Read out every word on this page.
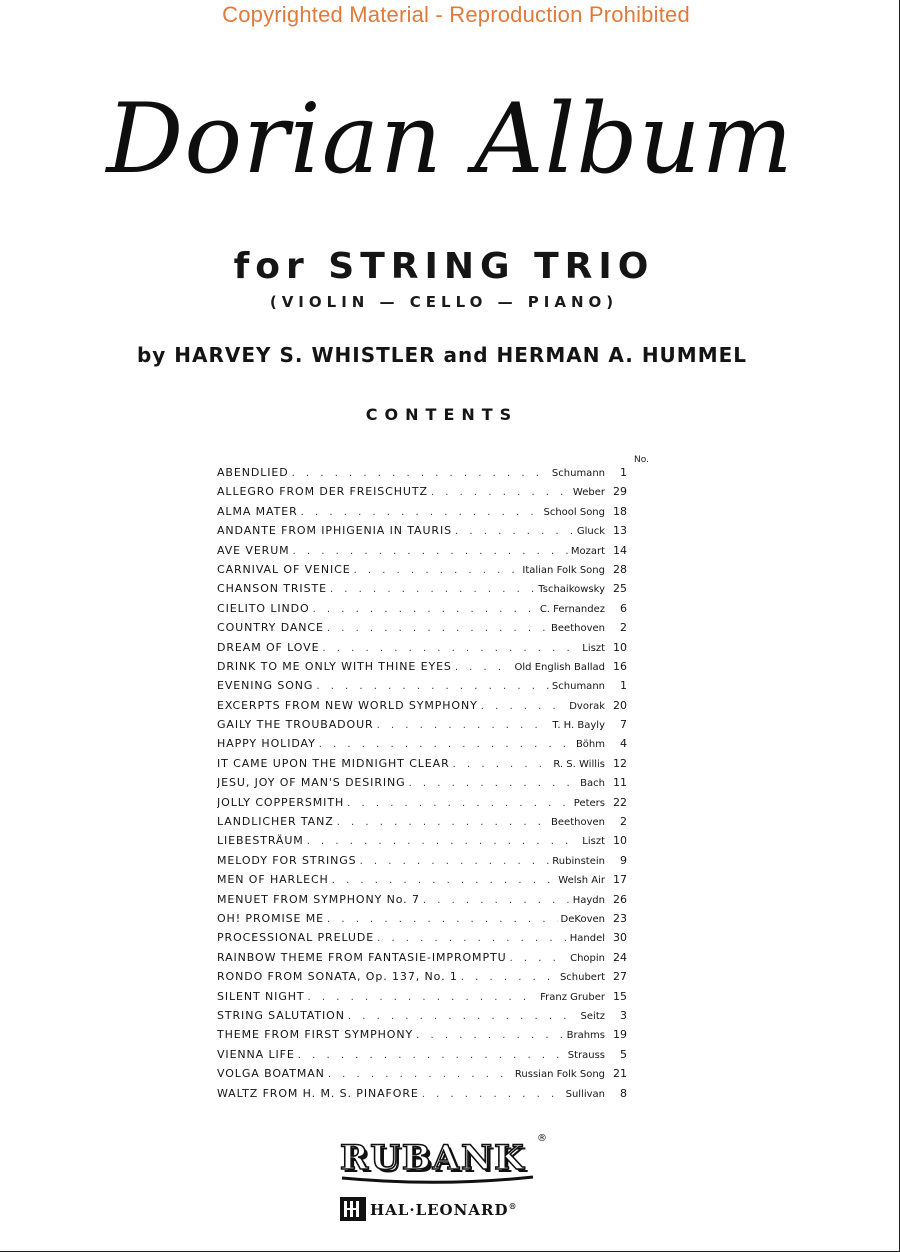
Copyrighted Material - Reproduction Prohibited
Dorian Album
for STRING TRIO
(VIOLIN — CELLO — PIANO)
by HARVEY S. WHISTLER and HERMAN A. HUMMEL
CONTENTS
No.
ABENDLIED . . .	Schumann	1
ALLEGRO FROM DER FREISCHUTZ . . .	Weber 29
ALMA MATER . . .	School Song 18
ANDANTE FROM IPHIGENIA IN TAURIS . . .	Gluck 13
AVE VERUM . . .	Mozart 14
CARNIVAL OF VENICE . . .	Italian Folk Song 28
CHANSON TRISTE . . .	Tschaikowsky 25
CIELITO LINDO . . .	C. Fernandez	6
COUNTRY DANCE . . .	Beethoven	2
DREAM OF LOVE . . .	Liszt 10
DRINK TO ME ONLY WITH THINE EYES . . .	Old English Ballad 16
EVENING SONG . . .	Schumann	1
EXCERPTS FROM NEW WORLD SYMPHONY . . .	Dvorak 20
GAILY THE TROUBADOUR . . .	T. H. Bayly	7
HAPPY HOLIDAY . . .	Böhm	4
IT CAME UPON THE MIDNIGHT CLEAR . . .	R. S. Willis 12
JESU, JOY OF MAN'S DESIRING . . .	Bach 11
JOLLY COPPERSMITH . . .	Peters 22
LANDLICHER TANZ . . .	Beethoven	2
LIEBESTRÄUM . . .	Liszt 10
MELODY FOR STRINGS . . .	Rubinstein	9
MEN OF HARLECH . . .	Welsh Air 17
MENUET FROM SYMPHONY No. 7 . . .	Haydn 26
OH! PROMISE ME . . .	DeKoven 23
PROCESSIONAL PRELUDE . . .	Handel 30
RAINBOW THEME FROM FANTASIE-IMPROMPTU . . .	Chopin 24
RONDO FROM SONATA, Op. 137, No. 1 . . .	Schubert 27
SILENT NIGHT . . .	Franz Gruber 15
STRING SALUTATION . . .	Seitz	3
THEME FROM FIRST SYMPHONY . . .	Brahms 19
VIENNA LIFE . . .	Strauss	5
VOLGA BOATMAN . . .	Russian Folk Song 21
WALTZ FROM H. M. S. PINAFORE . . .	Sullivan	8
RUBANK ®
HAL·LEONARD®
